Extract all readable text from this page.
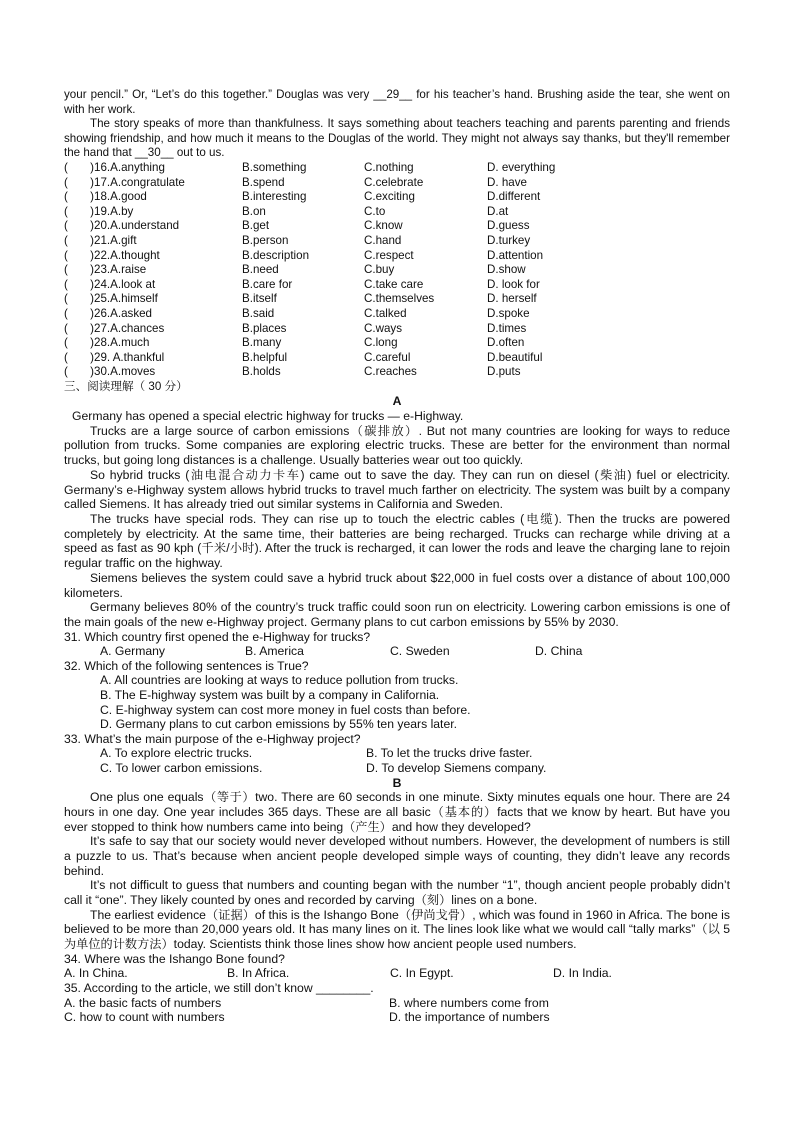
your pencil.” Or, “Let’s do this together.” Douglas was very __29__ for his teacher’s hand. Brushing aside the tear, she went on with her work.

The story speaks of more than thankfulness. It says something about teachers teaching and parents parenting and friends showing friendship, and how much it means to the Douglas of the world. They might not always say thanks, but they'll remember the hand that __30__ out to us.

( ) 16.A.anything	B.something	C.nothing	D. everything
( ) 17.A.congratulate	B.spend	C.celebrate	D. have
( ) 18.A.good	B.interesting	C.exciting	D.different
( ) 19.A.by	B.on	C.to	D.at
( ) 20.A.understand	B.get	C.know	D.guess
( ) 21.A.gift	B.person	C.hand	D.turkey
( ) 22.A.thought	B.description	C.respect	D.attention
( ) 23.A.raise	B.need	C.buy	D.show
( ) 24.A.look at	B.care for	C.take care	D. look for
( ) 25.A.himself	B.itself	C.themselves	D. herself
( ) 26.A.asked	B.said	C.talked	D.spoke
( ) 27.A.chances	B.places	C.ways	D.times
( ) 28.A.much	B.many	C.long	D.often
( ) 29. A.thankful	B.helpful	C.careful	D.beautiful
( ) 30.A.moves	B.holds	C.reaches	D.puts
三、阅读理解（ 30 分）
A

Germany has opened a special electric highway for trucks — e-Highway.

Trucks are a large source of carbon emissions（碳排放）. But not many countries are looking for ways to reduce pollution from trucks. Some companies are exploring electric trucks. These are better for the environment than normal trucks, but going long distances is a challenge. Usually batteries wear out too quickly.

So hybrid trucks (油电混合动力卡车) came out to save the day. They can run on diesel (柴油) fuel or electricity. Germany’s e-Highway system allows hybrid trucks to travel much farther on electricity. The system was built by a company called Siemens. It has already tried out similar systems in California and Sweden.

The trucks have special rods. They can rise up to touch the electric cables (电缆). Then the trucks are powered completely by electricity. At the same time, their batteries are being recharged. Trucks can recharge while driving at a speed as fast as 90 kph (千米/小时). After the truck is recharged, it can lower the rods and leave the charging lane to rejoin regular traffic on the highway.

Siemens believes the system could save a hybrid truck about $22,000 in fuel costs over a distance of about 100,000 kilometers.

Germany believes 80% of the country’s truck traffic could soon run on electricity. Lowering carbon emissions is one of the main goals of the new e-Highway project. Germany plans to cut carbon emissions by 55% by 2030.

31. Which country first opened the e-Highway for trucks?
A. Germany	B. America	C. Sweden	D. China
32. Which of the following sentences is True?
A. All countries are looking at ways to reduce pollution from trucks.
B. The E-highway system was built by a company in California.
C. E-highway system can cost more money in fuel costs than before.
D. Germany plans to cut carbon emissions by 55% ten years later.
33. What’s the main purpose of the e-Highway project?
A. To explore electric trucks.	B. To let the trucks drive faster.
C. To lower carbon emissions.	D. To develop Siemens company.
B

One plus one equals（等于）two. There are 60 seconds in one minute. Sixty minutes equals one hour. There are 24 hours in one day. One year includes 365 days. These are all basic（基本的）facts that we know by heart. But have you ever stopped to think how numbers came into being（产生）and how they developed?

It’s safe to say that our society would never developed without numbers. However, the development of numbers is still a puzzle to us. That’s because when ancient people developed simple ways of counting, they didn’t leave any records behind.

It’s not difficult to guess that numbers and counting began with the number “1”, though ancient people probably didn’t call it “one”. They likely counted by ones and recorded by carving（刻）lines on a bone.

The earliest evidence（证据）of this is the Ishango Bone（伊尚戈骨）, which was found in 1960 in Africa. The bone is believed to be more than 20,000 years old. It has many lines on it. The lines look like what we would call “tally marks”（以 5 为单位的计数方法）today. Scientists think those lines show how ancient people used numbers.

34. Where was the Ishango Bone found?
A. In China.	B. In Africa.	C. In Egypt.	D. In India.
35. According to the article, we still don’t know ________.
A. the basic facts of numbers	B. where numbers come from
C. how to count with numbers	D. the importance of numbers
